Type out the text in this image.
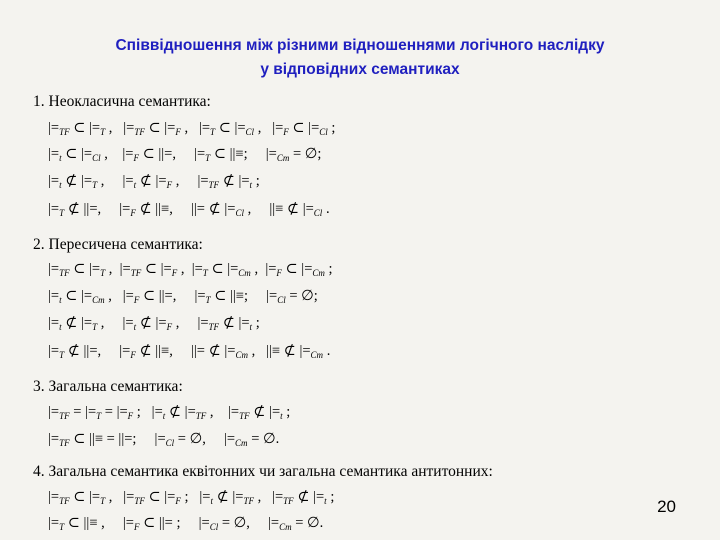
Співвідношення між різними відношеннями логічного наслідку
у відповідних семантиках
1. Неокласична семантика:
$|=_{TF}$ ⊂ $|=_T$ ,   $|=_{TF}$ ⊂ $|=_F$ ,   $|=_T$ ⊂ $|=_{Cl}$ ,   $|=_F$ ⊂ $|=_{Cl}$ ;
$|=_t$ ⊂ $|=_{Cl}$ ,    $|=_F$ ⊂ ||=,     $|=_T$ ⊂ ||≡;     $|=_{Cm}$ = ∅;
$|=_t$ ⊄ $|=_T$ ,     $|=_t$ ⊄ $|=_F$ ,     $|=_{TF}$ ⊄ $|=_t$ ;
$|=_T$ ⊄ ||=,     $|=_F$ ⊄ ||≡,     ||= ⊄ $|=_{Cl}$ ,     ||≡ ⊄ $|=_{Cl}$ .
2. Пересичена семантика:
$|=_{TF}$ ⊂ $|=_T$ ,  $|=_{TF}$ ⊂ $|=_F$ ,  $|=_T$ ⊂ $|=_{Cm}$ ,  $|=_F$ ⊂ $|=_{Cm}$ ;
$|=_t$ ⊂ $|=_{Cm}$ ,   $|=_F$ ⊂ ||=,     $|=_T$ ⊂ ||≡;     $|=_{Cl}$ = ∅;
$|=_t$ ⊄ $|=_T$ ,     $|=_t$ ⊄ $|=_F$ ,     $|=_{TF}$ ⊄ $|=_t$ ;
$|=_T$ ⊄ ||=,     $|=_F$ ⊄ ||≡,     ||= ⊄ $|=_{Cm}$ ,   ||≡ ⊄ $|=_{Cm}$ .
3. Загальна семантика:
$|=_{TF} = |=_T = |=_F$ ;   $|=_t$ ⊄ $|=_{TF}$ ,    $|=_{TF}$ ⊄ $|=_t$ ;
$|=_{TF}$ ⊂ ||≡ = ||=;     $|=_{Cl}$ = ∅,     $|=_{Cm}$ = ∅.
4. Загальна семантика еквітонних чи загальна семантика антитонних:
$|=_{TF}$ ⊂ $|=_T$ ,   $|=_{TF}$ ⊂ $|=_F$ ;   $|=_t$ ⊄ $|=_{TF}$ ,   $|=_{TF}$ ⊄ $|=_t$ ;
$|=_T$ ⊂ ||≡ ,     $|=_F$ ⊂ ||= ;     $|=_{Cl}$ = ∅,     $|=_{Cm}$ = ∅.
20
